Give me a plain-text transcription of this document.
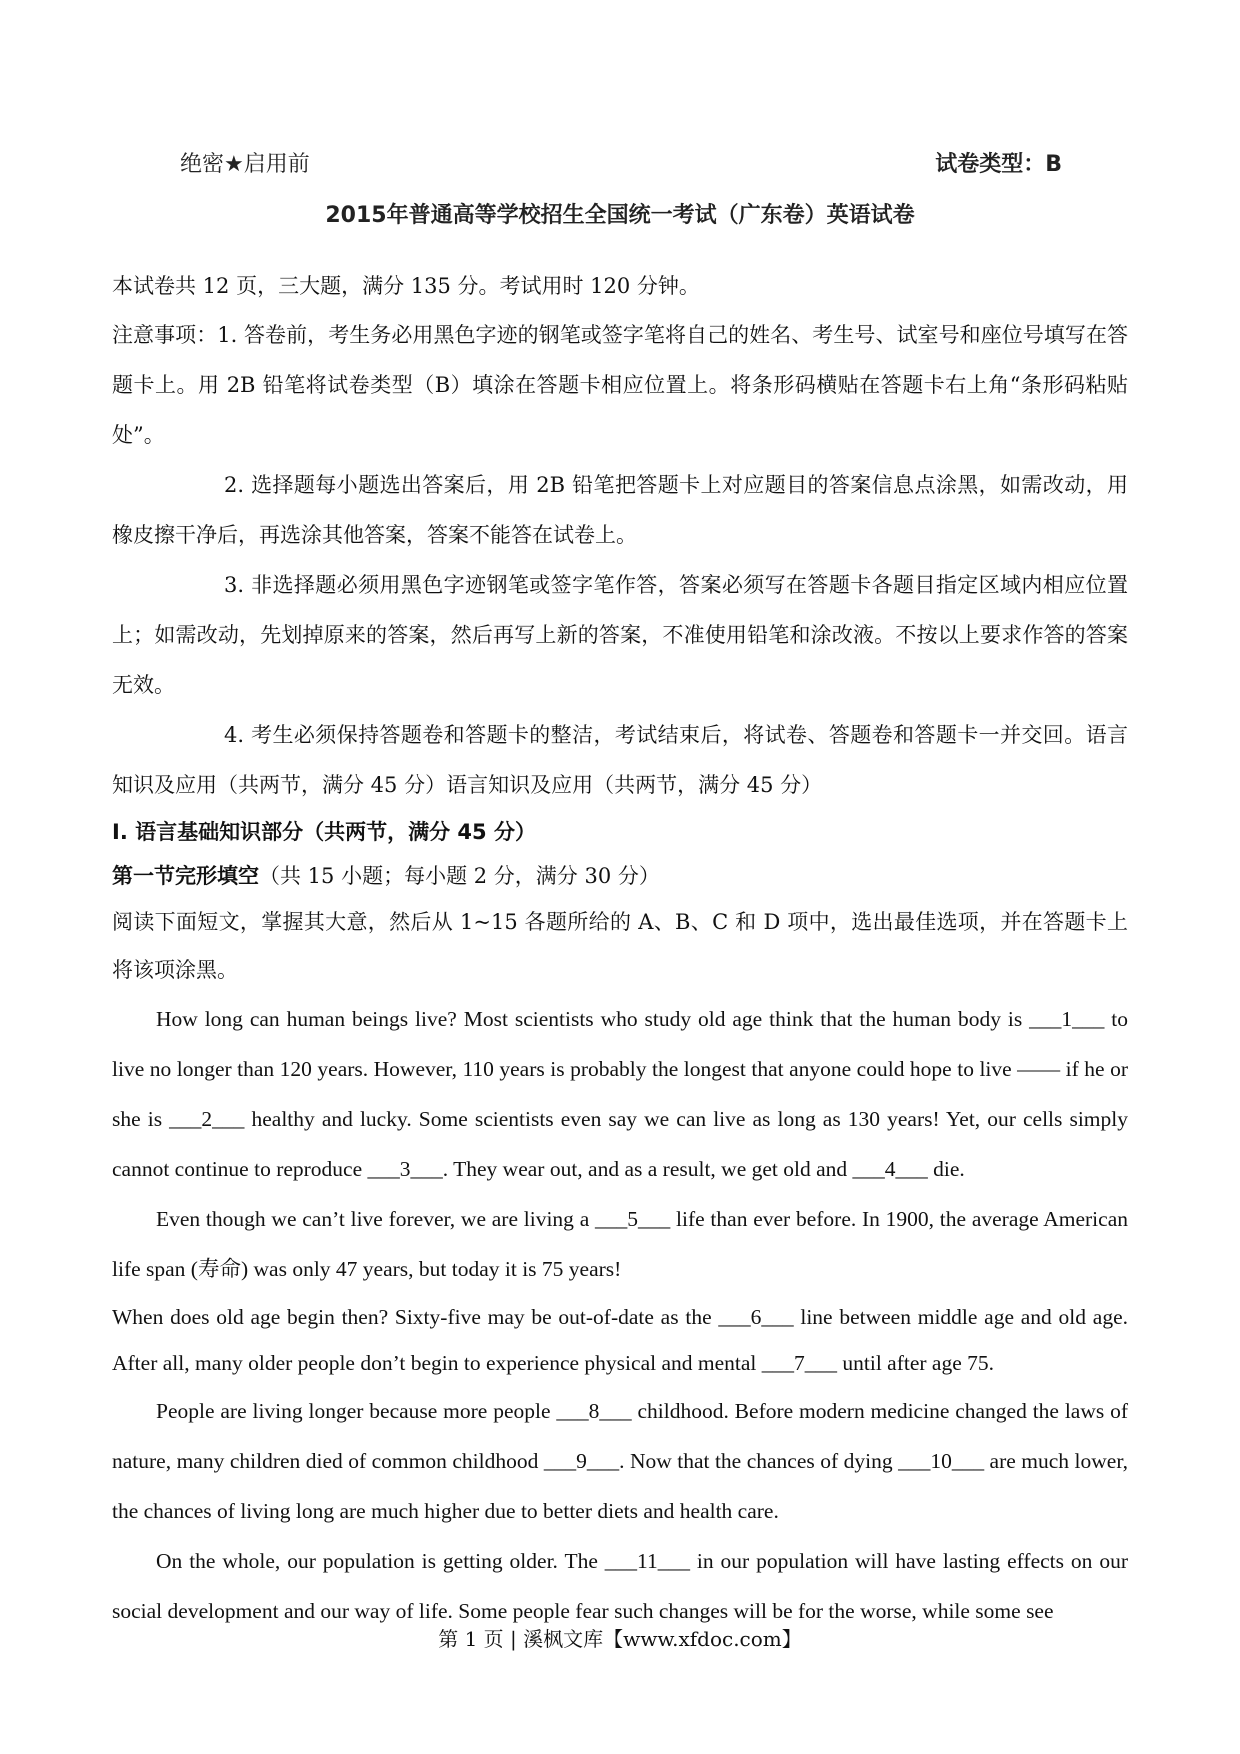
绝密★启用前	试卷类型：B
2015年普通高等学校招生全国统一考试（广东卷）英语试卷

本试卷共 12 页，三大题，满分 135 分。考试用时 120 分钟。

注意事项：1. 答卷前，考生务必用黑色字迹的钢笔或签字笔将自己的姓名、考生号、试室号和座位号填写在答题卡上。用 2B 铅笔将试卷类型（B）填涂在答题卡相应位置上。将条形码横贴在答题卡右上角“条形码粘贴处”。

2. 选择题每小题选出答案后，用 2B 铅笔把答题卡上对应题目的答案信息点涂黑，如需改动，用橡皮擦干净后，再选涂其他答案，答案不能答在试卷上。

3. 非选择题必须用黑色字迹钢笔或签字笔作答，答案必须写在答题卡各题目指定区域内相应位置上；如需改动，先划掉原来的答案，然后再写上新的答案，不准使用铅笔和涂改液。不按以上要求作答的答案无效。

4. 考生必须保持答题卷和答题卡的整洁，考试结束后，将试卷、答题卷和答题卡一并交回。语言知识及应用（共两节，满分 45 分）语言知识及应用（共两节，满分 45 分）

I. 语言基础知识部分（共两节，满分 45 分）

第一节完形填空（共 15 小题；每小题 2 分，满分 30 分）

阅读下面短文，掌握其大意，然后从 1~15 各题所给的 A、B、C 和 D 项中，选出最佳选项，并在答题卡上将该项涂黑。

How long can human beings live? Most scientists who study old age think that the human body is ___1___ to live no longer than 120 years. However, 110 years is probably the longest that anyone could hope to live —— if he or she is ___2___ healthy and lucky. Some scientists even say we can live as long as 130 years! Yet, our cells simply cannot continue to reproduce ___3___. They wear out, and as a result, we get old and ___4___ die.

Even though we can’t live forever, we are living a ___5___ life than ever before. In 1900, the average American life span (寿命) was only 47 years, but today it is 75 years!

When does old age begin then? Sixty-five may be out-of-date as the ___6___ line between middle age and old age. After all, many older people don’t begin to experience physical and mental ___7___ until after age 75.

People are living longer because more people ___8___ childhood. Before modern medicine changed the laws of nature, many children died of common childhood ___9___. Now that the chances of dying ___10___ are much lower, the chances of living long are much higher due to better diets and health care.

On the whole, our population is getting older. The ___11___ in our population will have lasting effects on our social development and our way of life. Some people fear such changes will be for the worse, while some see

第 1 页 | 溪枫文库【www.xfdoc.com】
